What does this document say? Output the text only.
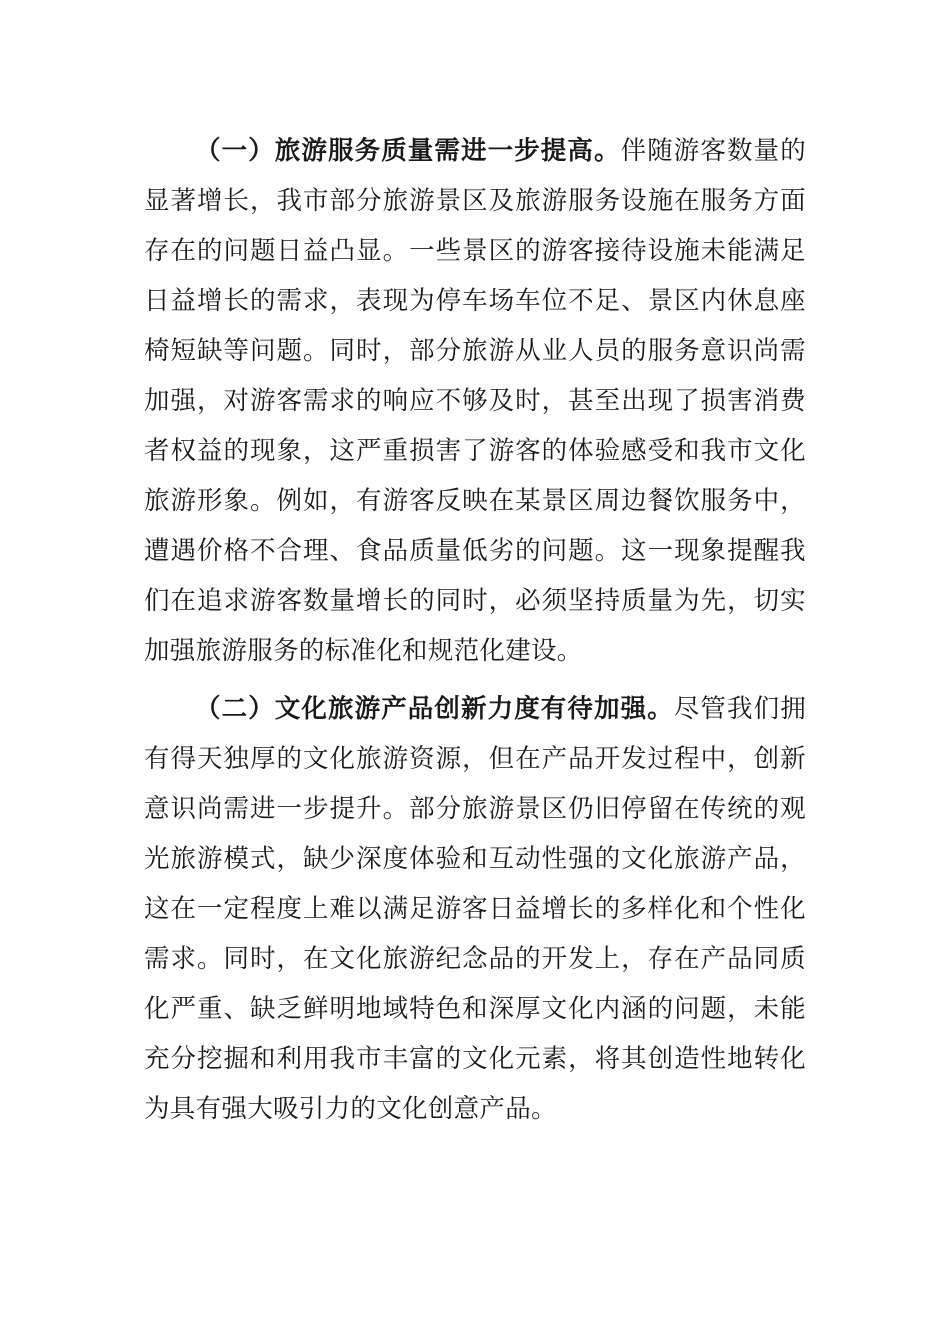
（一）旅游服务质量需进一步提高。伴随游客数量的显著增长，我市部分旅游景区及旅游服务设施在服务方面存在的问题日益凸显。一些景区的游客接待设施未能满足日益增长的需求，表现为停车场车位不足、景区内休息座椅短缺等问题。同时，部分旅游从业人员的服务意识尚需加强，对游客需求的响应不够及时，甚至出现了损害消费者权益的现象，这严重损害了游客的体验感受和我市文化旅游形象。例如，有游客反映在某景区周边餐饮服务中，遭遇价格不合理、食品质量低劣的问题。这一现象提醒我们在追求游客数量增长的同时，必须坚持质量为先，切实加强旅游服务的标准化和规范化建设。

（二）文化旅游产品创新力度有待加强。尽管我们拥有得天独厚的文化旅游资源，但在产品开发过程中，创新意识尚需进一步提升。部分旅游景区仍旧停留在传统的观光旅游模式，缺少深度体验和互动性强的文化旅游产品，这在一定程度上难以满足游客日益增长的多样化和个性化需求。同时，在文化旅游纪念品的开发上，存在产品同质化严重、缺乏鲜明地域特色和深厚文化内涵的问题，未能充分挖掘和利用我市丰富的文化元素，将其创造性地转化为具有强大吸引力的文化创意产品。
